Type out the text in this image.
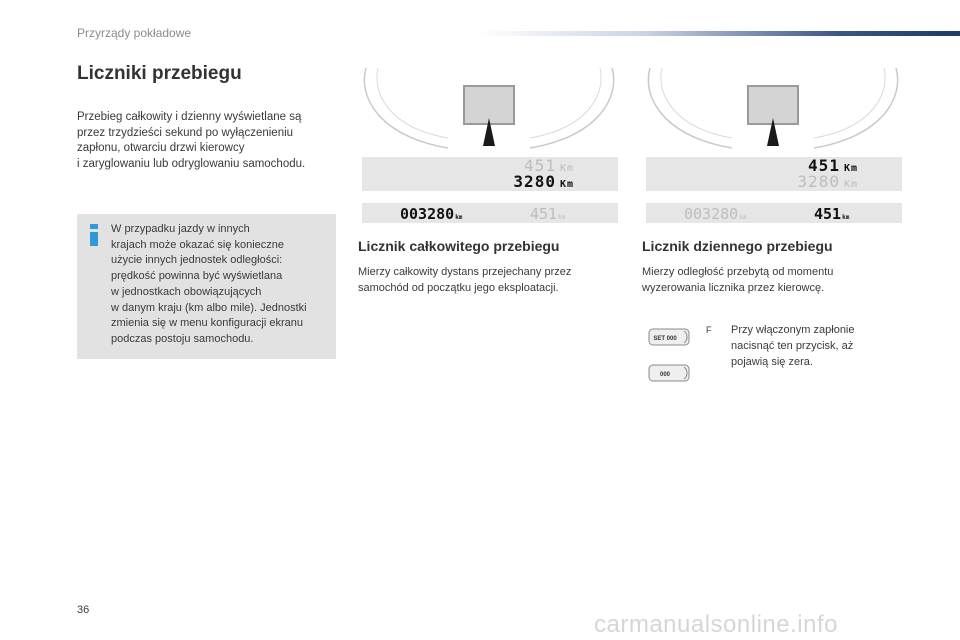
Przyrządy pokładowe
Liczniki przebiegu
Przebieg całkowity i dzienny wyświetlane są
przez trzydzieści sekund po wyłączenieniu
zapłonu, otwarciu drzwi kierowcy
i zaryglowaniu lub odryglowaniu samochodu.
W przypadku jazdy w innych
krajach może okazać się konieczne
użycie innych jednostek odległości:
prędkość powinna być wyświetlana
w jednostkach obowiązujących
w danym kraju (km albo mile). Jednostki
zmienia się w menu konfiguracji ekranu
podczas postoju samochodu.
451 Km
3280 Km
003280km	451km
Licznik całkowitego przebiegu
Mierzy całkowity dystans przejechany przez
samochód od początku jego eksploatacji.
451 Km
3280 Km
003280km	451km
Licznik dziennego przebiegu
Mierzy odległość przebytą od momentu
wyzerowania licznika przez kierowcę.
SET 000
000
F Przy włączonym zapłonie
nacisnąć ten przycisk, aż
pojawią się zera.
36
carmanualsonline.info
